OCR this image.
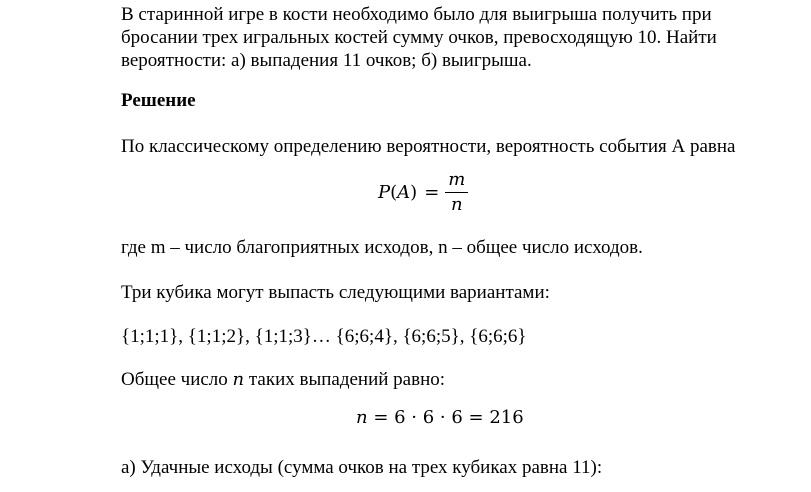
В старинной игре в кости необходимо было для выигрыша получить при
бросании трех игральных костей сумму очков, превосходящую 10. Найти
вероятности: а) выпадения 11 очков; б) выигрыша.
Решение
По классическому определению вероятности, вероятность события А равна
P ( A ) = $\frac{m}{n}$
где m – число благоприятных исходов, n – общее число исходов.
Три кубика могут выпасть следующими вариантами:
{1;1;1}, {1;1;2}, {1;1;3}… {6;6;4}, {6;6;5}, {6;6;6}
Общее число n таких выпадений равно:
n = 6 · 6 · 6 = 216
а) Удачные исходы (сумма очков на трех кубиках равна 11):
